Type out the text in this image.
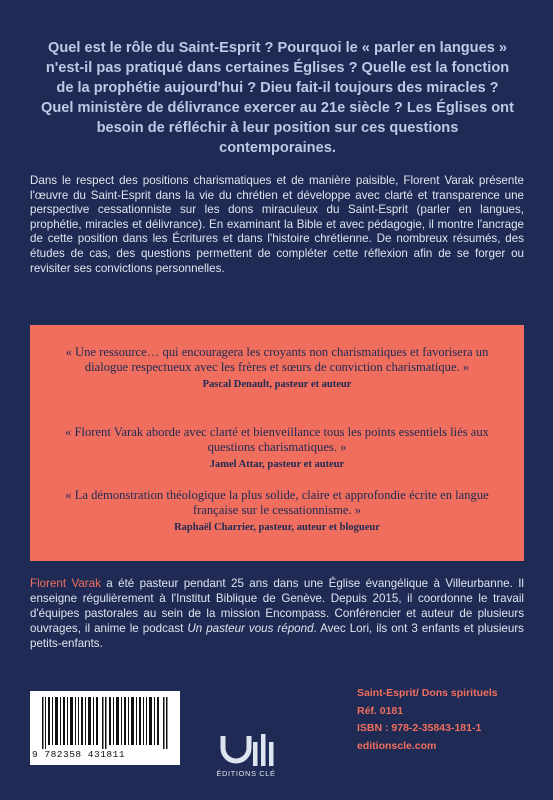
Quel est le rôle du Saint-Esprit ? Pourquoi le « parler en langues » n'est-il pas pratiqué dans certaines Églises ? Quelle est la fonction de la prophétie aujourd'hui ? Dieu fait-il toujours des miracles ? Quel ministère de délivrance exercer au 21e siècle ? Les Églises ont besoin de réfléchir à leur position sur ces questions contemporaines.
Dans le respect des positions charismatiques et de manière paisible, Florent Varak présente l'œuvre du Saint-Esprit dans la vie du chrétien et développe avec clarté et transparence une perspective cessationniste sur les dons miraculeux du Saint-Esprit (parler en langues, prophétie, miracles et délivrance). En examinant la Bible et avec pédagogie, il montre l'ancrage de cette position dans les Écritures et dans l'histoire chrétienne. De nombreux résumés, des études de cas, des questions permettent de compléter cette réflexion afin de se forger ou revisiter ses convictions personnelles.
« Une ressource… qui encouragera les croyants non charismatiques et favorisera un dialogue respectueux avec les frères et sœurs de conviction charismatique. »
Pascal Denault, pasteur et auteur
« Florent Varak aborde avec clarté et bienveillance tous les points essentiels liés aux questions charismatiques. »
Jamel Attar, pasteur et auteur
« La démonstration théologique la plus solide, claire et approfondie écrite en langue française sur le cessationnisme. »
Raphaël Charrier, pasteur, auteur et blogueur
Florent Varak a été pasteur pendant 25 ans dans une Église évangélique à Villeurbanne. Il enseigne régulièrement à l'Institut Biblique de Genève. Depuis 2015, il coordonne le travail d'équipes pastorales au sein de la mission Encompass. Conférencier et auteur de plusieurs ouvrages, il anime le podcast Un pasteur vous répond. Avec Lori, ils ont 3 enfants et plusieurs petits-enfants.
9 782358 431811
ÉDITIONS CLÉ
Saint-Esprit/ Dons spirituels
Réf. 0181
ISBN : 978-2-35843-181-1
editionscle.com
